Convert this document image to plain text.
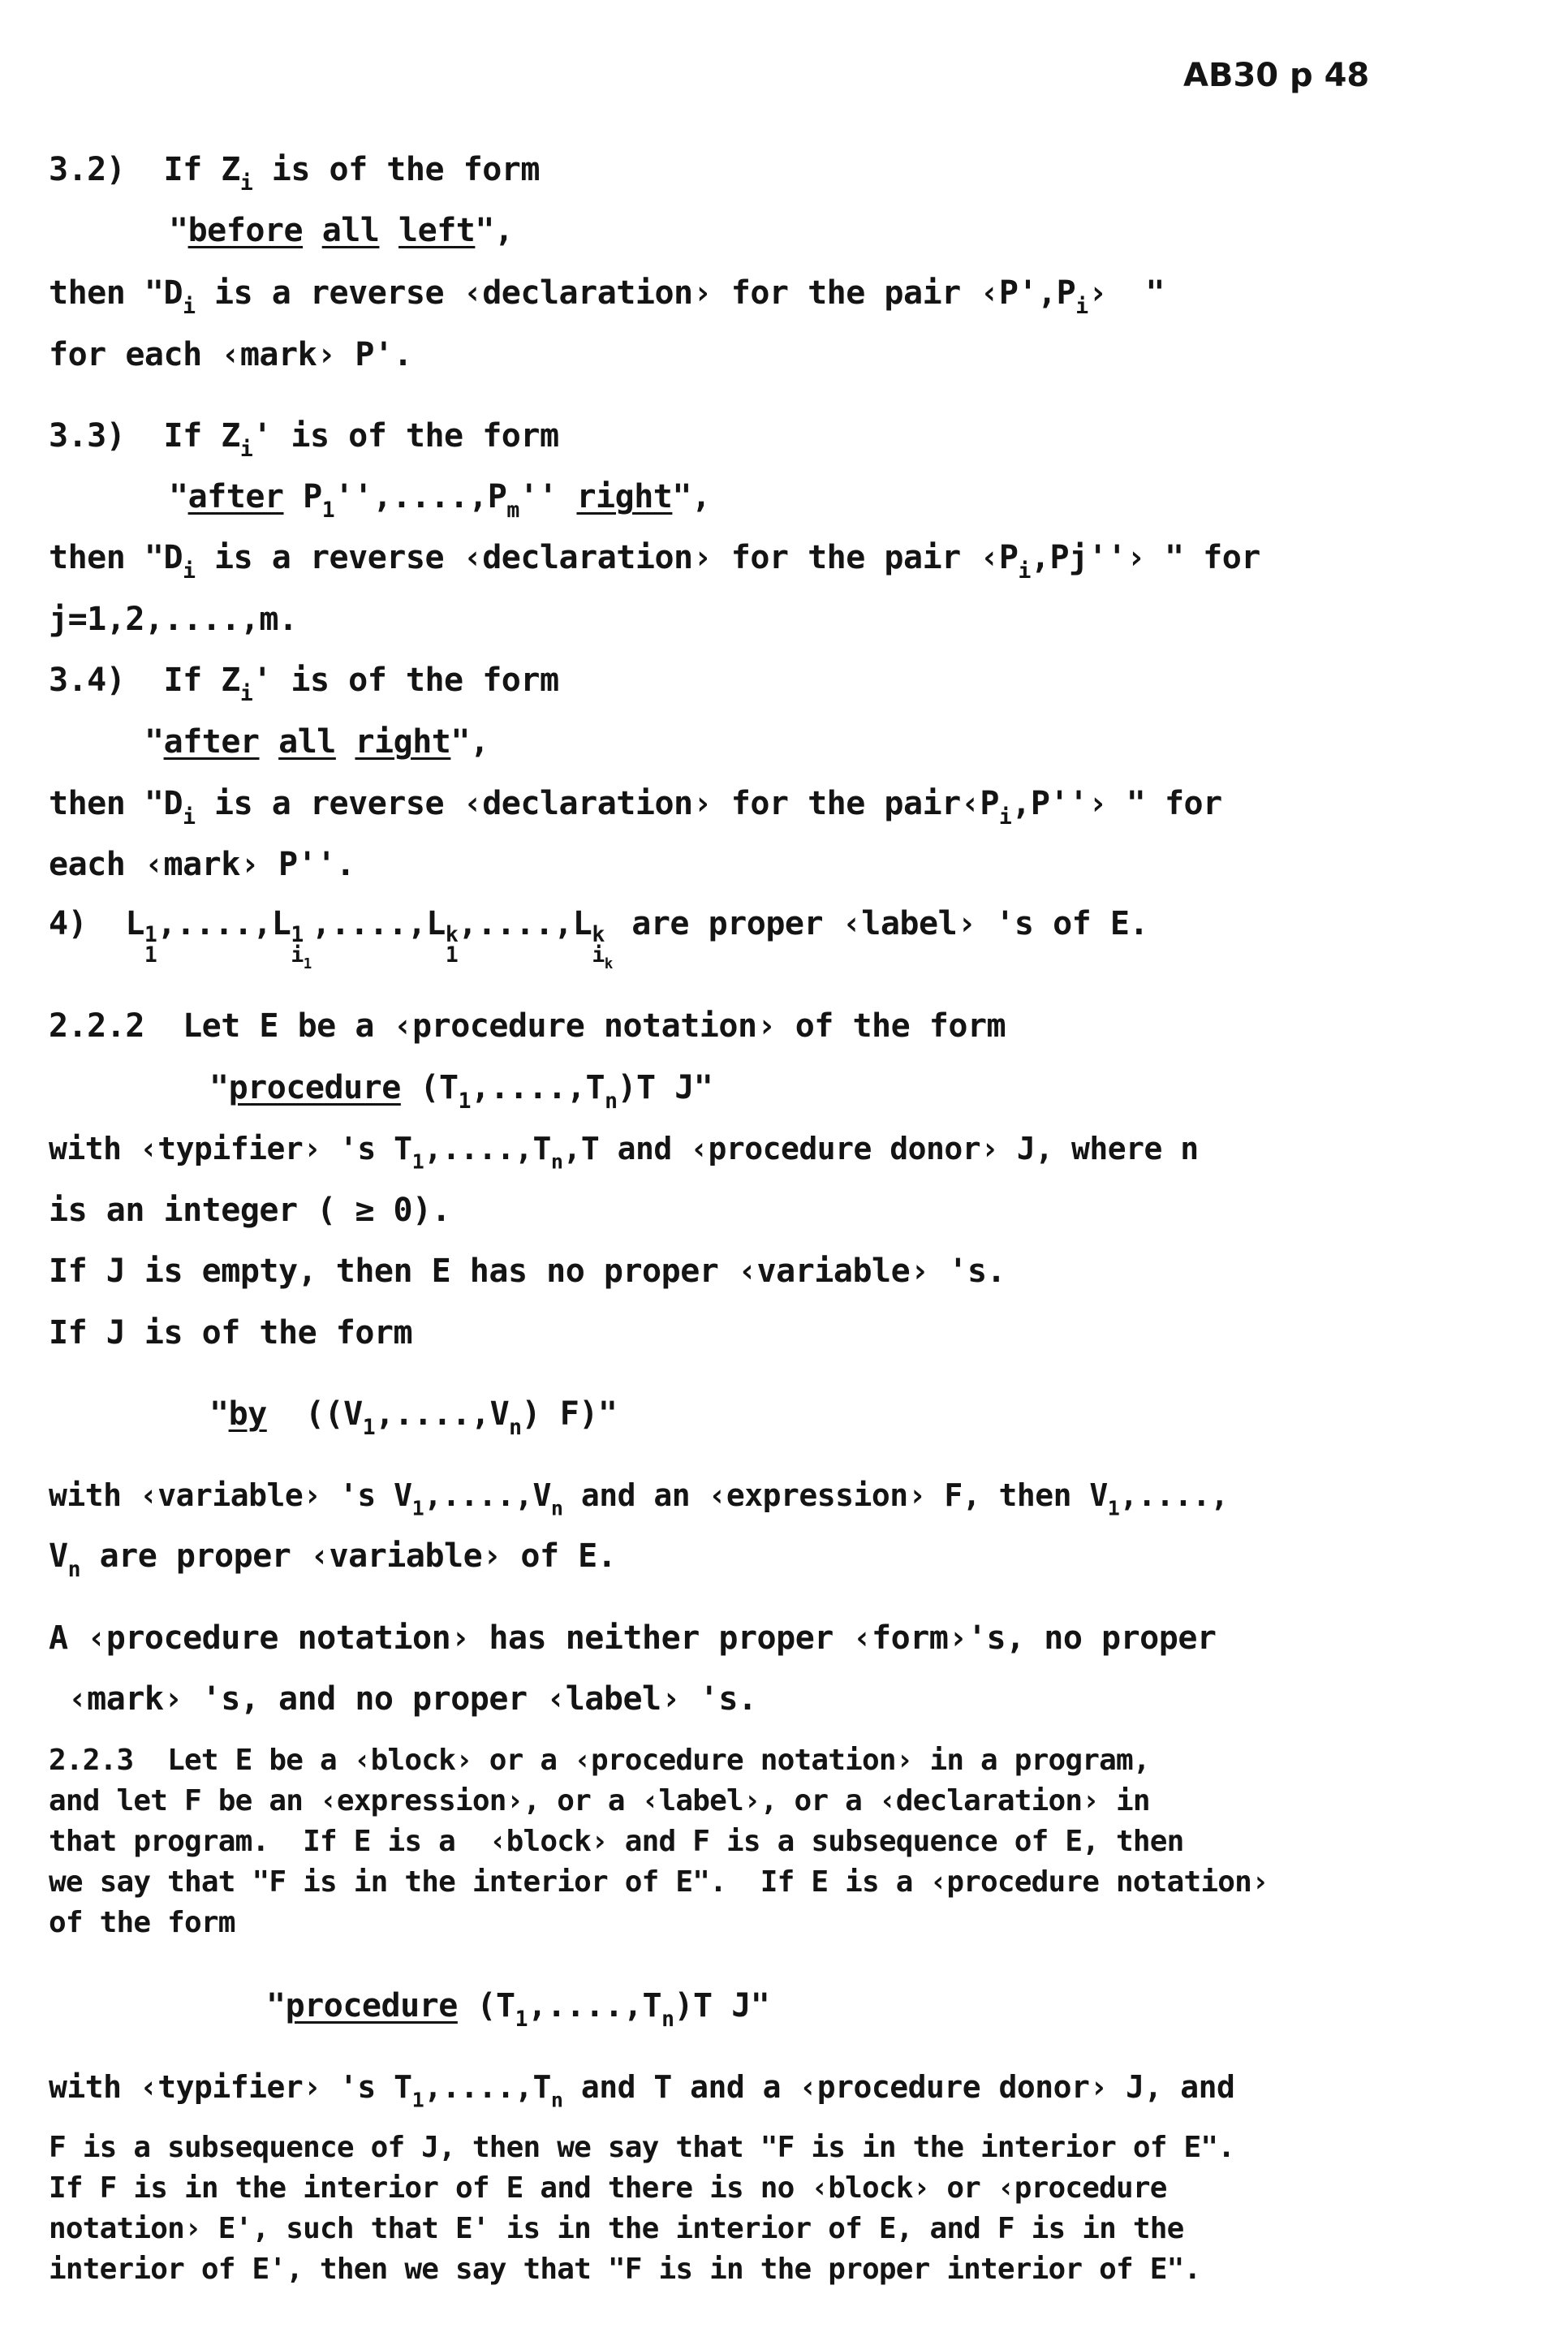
AB30 p 48
3.2)  If $Z_i$ is of the form
"before all left",
then "$D_i$ is a reverse ‹declaration› for the pair $‹P',P_i›$  "
for each ‹mark› P'.
3.3)  If $Z_i'$ is of the form
"after $P_1'',....,P_m''$ right",
then "$D_i$ is a reverse ‹declaration› for the pair $‹P_i,Pj''›$ " for
j=1,2,....,m.
3.4)  If $Z_i'$ is of the form
"after all right",
then "$D_i$ is a reverse ‹declaration› for the $pair‹P_i,P''›$ " for
each ‹mark› P''.
4)  L 1
1
,....,L 1
$i_1$
,....,L k
1
,....,L k
$i_k$
are proper ‹label› 's of E.
2.2.2  Let E be a ‹procedure notation› of the form
"procedure $(T_1,....,T_n)T$ J"
with ‹typifier› 's $T_1,....,T_n,T$ and ‹procedure donor› J, where n
is an integer ( ≥ 0).
If J is empty, then E has no proper ‹variable› 's.
If J is of the form
"by  ($(V_1,....,V_n)$ F)"
with ‹variable› 's $V_1,....,V_n$ and an ‹expression› F, then $V_1$,....,
$V_n$ are proper ‹variable› of E.
A ‹procedure notation› has neither proper ‹form›'s, no proper
‹mark› 's, and no proper ‹label› 's.
2.2.3  Let E be a ‹block› or a ‹procedure notation› in a program,
and let F be an ‹expression›, or a ‹label›, or a ‹declaration› in
that program.  If E is a  ‹block› and F is a subsequence of E, then
we say that "F is in the interior of E".  If E is a ‹procedure notation›
of the form
"procedure $(T_1,....,T_n)T$ J"
with ‹typifier› 's $T_1,....,T_n$ and T and a ‹procedure donor› J, and
F is a subsequence of J, then we say that "F is in the interior of E".
If F is in the interior of E and there is no ‹block› or ‹procedure
notation› E', such that E' is in the interior of E, and F is in the
interior of E', then we say that "F is in the proper interior of E".
